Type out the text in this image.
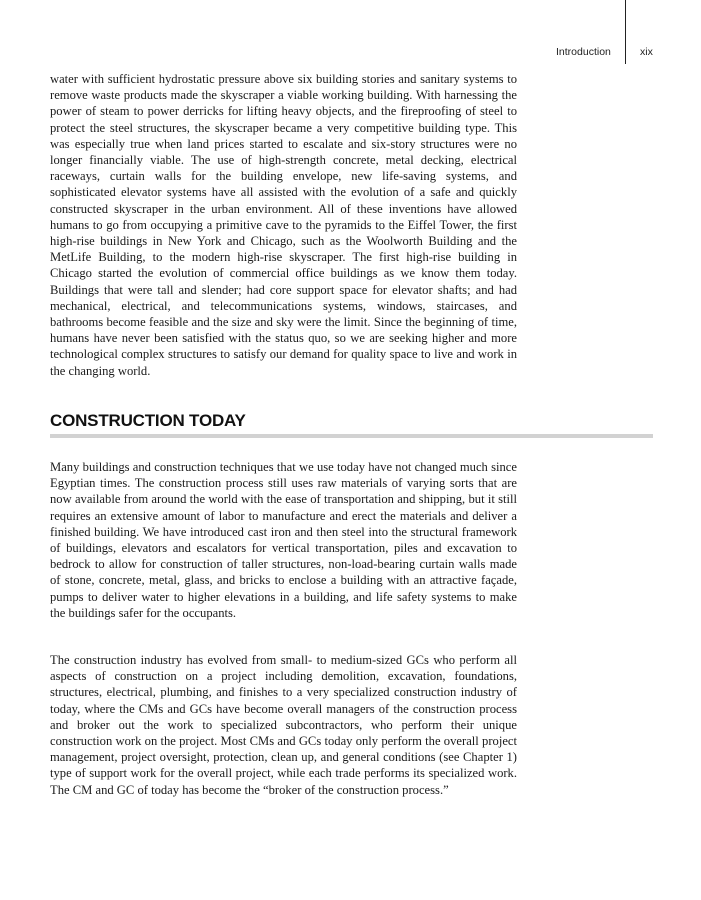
Introduction	xix

water with sufficient hydrostatic pressure above six building stories and sanitary systems to remove waste products made the skyscraper a viable working building. With harnessing the power of steam to power derricks for lifting heavy objects, and the fireproofing of steel to protect the steel structures, the skyscraper became a very competitive building type. This was especially true when land prices started to escalate and six-story structures were no longer financially viable. The use of high-strength concrete, metal decking, electrical raceways, curtain walls for the building envelope, new life-saving systems, and sophisticated elevator systems have all assisted with the evolution of a safe and quickly constructed skyscraper in the urban environment. All of these inventions have allowed humans to go from occupying a primitive cave to the pyramids to the Eiffel Tower, the first high-rise buildings in New York and Chicago, such as the Woolworth Building and the MetLife Building, to the modern high-rise skyscraper. The first high-rise building in Chicago started the evolution of commercial office buildings as we know them today. Buildings that were tall and slender; had core support space for elevator shafts; and had mechanical, electrical, and telecommunications systems, windows, staircases, and bathrooms become feasible and the size and sky were the limit. Since the beginning of time, humans have never been satisfied with the status quo, so we are seeking higher and more technological complex structures to satisfy our demand for quality space to live and work in the changing world.

CONSTRUCTION TODAY

Many buildings and construction techniques that we use today have not changed much since Egyptian times. The construction process still uses raw materials of varying sorts that are now available from around the world with the ease of transportation and shipping, but it still requires an extensive amount of labor to manufacture and erect the materials and deliver a finished building. We have introduced cast iron and then steel into the structural framework of buildings, elevators and escalators for vertical transportation, piles and excavation to bedrock to allow for construction of taller structures, non-load-bearing curtain walls made of stone, concrete, metal, glass, and bricks to enclose a building with an attractive façade, pumps to deliver water to higher elevations in a building, and life safety systems to make the buildings safer for the occupants.

The construction industry has evolved from small- to medium-sized GCs who perform all aspects of construction on a project including demolition, excavation, foundations, structures, electrical, plumbing, and finishes to a very specialized construction industry of today, where the CMs and GCs have become overall managers of the construction process and broker out the work to specialized subcontractors, who perform their unique construction work on the project. Most CMs and GCs today only perform the overall project management, project oversight, protection, clean up, and general conditions (see Chapter 1) type of support work for the overall project, while each trade performs its specialized work. The CM and GC of today has become the “broker of the construction process.”
